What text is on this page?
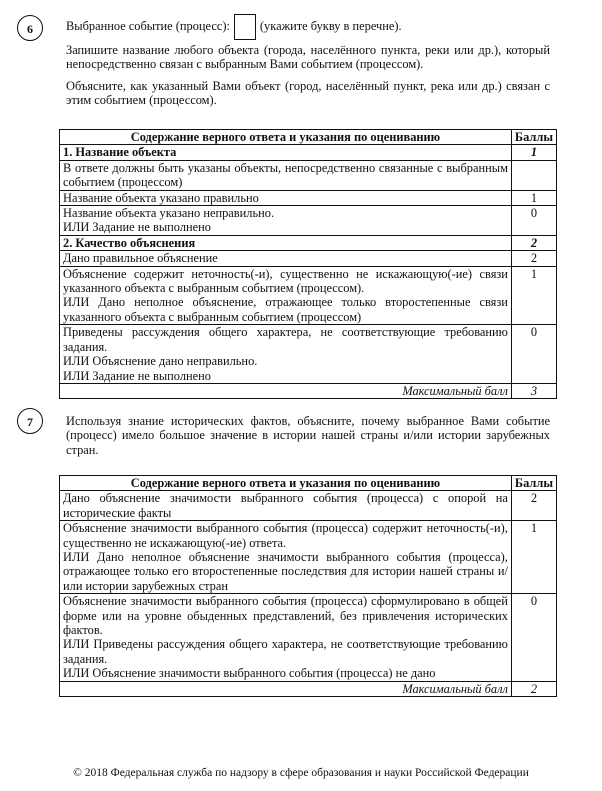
6	Выбранное событие (процесс): (укажите букву в перечне).
Запишите название любого объекта (города, населённого пункта, реки или др.), который непосредственно связан с выбранным Вами событием (процессом).
Объясните, как указанный Вами объект (город, населённый пункт, река или др.) связан с этим событием (процессом).
Содержание верного ответа и указания по оцениванию	Баллы
1. Название объекта	1
В ответе должны быть указаны объекты, непосредственно связанные с выбранным событием (процессом)	
Название объекта указано правильно	1

Название объекта указано неправильно.
ИЛИ Задание не выполнено	0
2. Качество объяснения	2
Дано правильное объяснение	2

Объяснение содержит неточность(-и), существенно не искажающую(-ие) связи указанного объекта с выбранным событием (процессом).
ИЛИ Дано неполное объяснение, отражающее только второстепенные связи указанного объекта с выбранным событием (процессом)	1

Приведены рассуждения общего характера, не соответствующие требованию задания.
ИЛИ Объяснение дано неправильно.
ИЛИ Задание не выполнено	0
Максимальный балл	3
7	Используя знание исторических фактов, объясните, почему выбранное Вами событие (процесс) имело большое значение в истории нашей страны и/или истории зарубежных стран.
Содержание верного ответа и указания по оцениванию	Баллы
Дано объяснение значимости выбранного события (процесса) с опорой на исторические факты	2

Объяснение значимости выбранного события (процесса) содержит неточность(-и), существенно не искажающую(-ие) ответа.
ИЛИ Дано неполное объяснение значимости выбранного события (процесса), отражающее только его второстепенные последствия для истории нашей страны и/или истории зарубежных стран	1

Объяснение значимости выбранного события (процесса) сформулировано в общей форме или на уровне обыденных представлений, без привлечения исторических фактов.
ИЛИ Приведены рассуждения общего характера, не соответствующие требованию задания.
ИЛИ Объяснение значимости выбранного события (процесса) не дано	0
Максимальный балл	2
© 2018 Федеральная служба по надзору в сфере образования и науки Российской Федерации
